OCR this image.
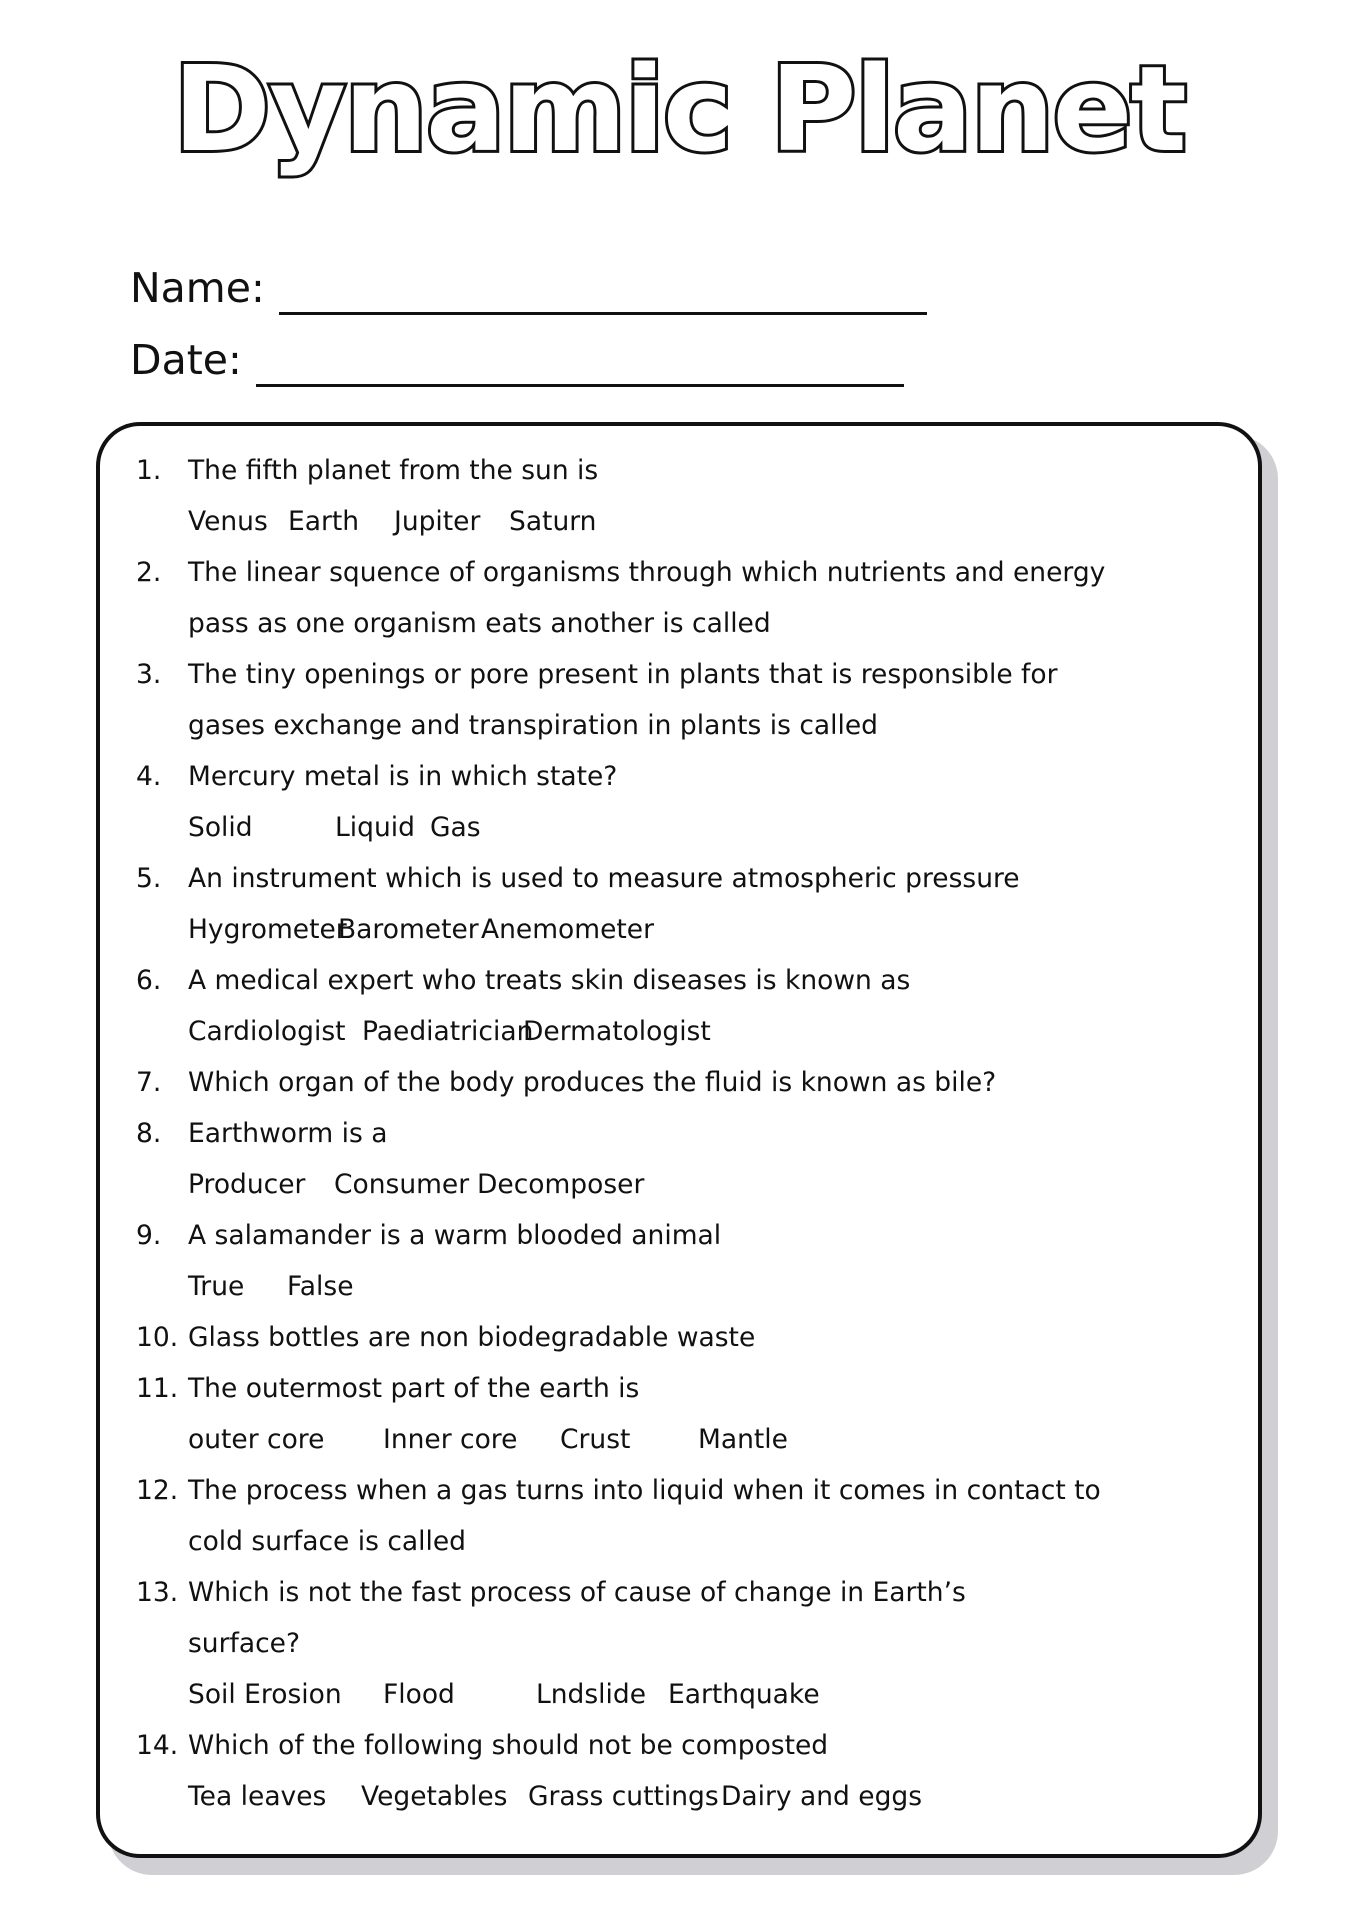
Dynamic Planet
Name:
Date:
1. The fifth planet from the sun is
Venus Earth Jupiter Saturn
2. The linear squence of organisms through which nutrients and energy
pass as one organism eats another is called
3. The tiny openings or pore present in plants that is responsible for
gases exchange and transpiration in plants is called
4. Mercury metal is in which state?
Solid	Liquid Gas
5. An instrument which is used to measure atmospheric pressure
Hygrometer
Barometer Anemometer
6. A medical expert who treats skin diseases is known as
Cardiologist Paediatrician
Dermatologist
7. Which organ of the body produces the fluid is known as bile?
8. Earthworm is a
Producer Consumer Decomposer
9. A salamander is a warm blooded animal
True False
10. Glass bottles are non biodegradable waste
11. The outermost part of the earth is
outer core Inner core Crust	Mantle
12. The process when a gas turns into liquid when it comes in contact to
cold surface is called
13. Which is not the fast process of cause of change in Earth’s
surface?
Soil Erosion Flood	Lndslide Earthquake
14. Which of the following should not be composted
Tea leaves Vegetables Grass cuttings Dairy and eggs
